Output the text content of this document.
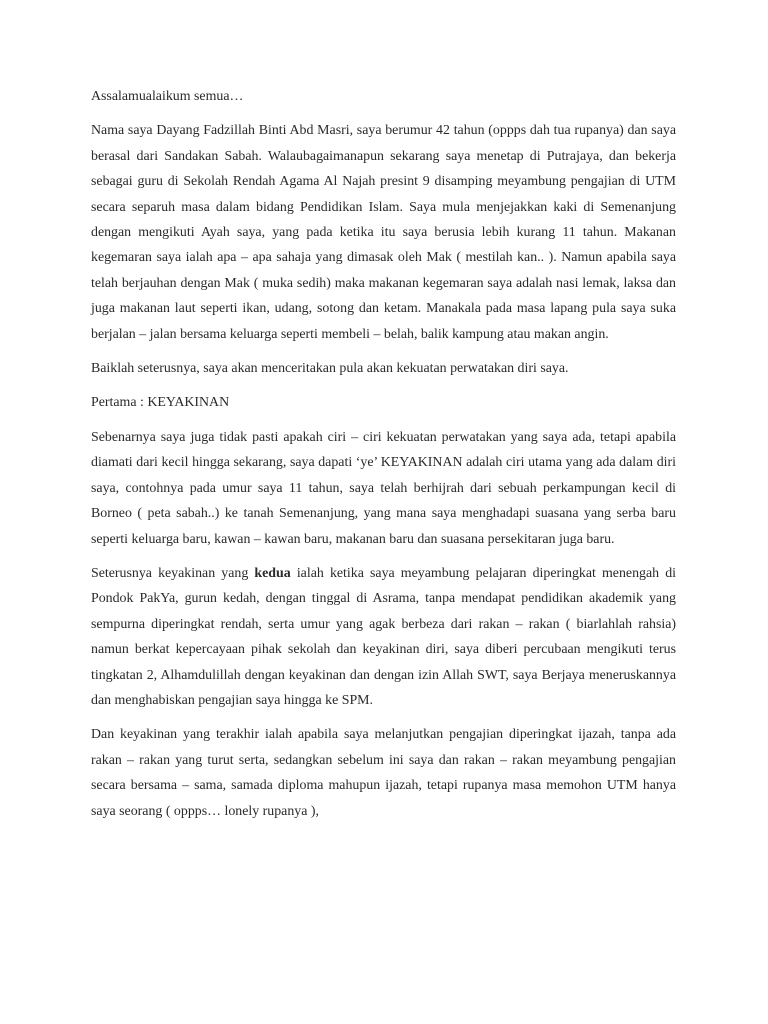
Assalamualaikum semua…

Nama saya Dayang Fadzillah Binti Abd Masri, saya berumur 42 tahun (oppps dah tua rupanya) dan saya berasal dari Sandakan Sabah. Walaubagaimanapun sekarang saya menetap di Putrajaya, dan bekerja sebagai guru di Sekolah Rendah Agama Al Najah presint 9 disamping meyambung pengajian di UTM secara separuh masa dalam bidang Pendidikan Islam. Saya mula menjejakkan kaki di Semenanjung dengan mengikuti Ayah saya, yang pada ketika itu saya berusia lebih kurang 11 tahun. Makanan kegemaran saya ialah apa – apa sahaja yang dimasak oleh Mak ( mestilah kan.. ). Namun apabila saya telah berjauhan dengan Mak ( muka sedih) maka makanan kegemaran saya adalah nasi lemak, laksa dan juga makanan laut seperti ikan, udang, sotong dan ketam. Manakala pada masa lapang pula saya suka berjalan – jalan bersama keluarga seperti membeli – belah, balik kampung atau makan angin.

Baiklah seterusnya, saya akan menceritakan pula akan kekuatan perwatakan diri saya.

Pertama : KEYAKINAN

Sebenarnya saya juga tidak pasti apakah ciri – ciri kekuatan perwatakan yang saya ada, tetapi apabila diamati dari kecil hingga sekarang, saya dapati ‘ye’ KEYAKINAN adalah ciri utama yang ada dalam diri saya, contohnya pada umur saya 11 tahun, saya telah berhijrah dari sebuah perkampungan kecil di Borneo ( peta sabah..) ke tanah Semenanjung, yang mana saya menghadapi suasana yang serba baru seperti keluarga baru, kawan – kawan baru, makanan baru dan suasana persekitaran juga baru.

Seterusnya keyakinan yang kedua ialah ketika saya meyambung pelajaran diperingkat menengah di Pondok PakYa, gurun kedah, dengan tinggal di Asrama, tanpa mendapat pendidikan akademik yang sempurna diperingkat rendah, serta umur yang agak berbeza dari rakan – rakan ( biarlahlah rahsia) namun berkat kepercayaan pihak sekolah dan keyakinan diri, saya diberi percubaan mengikuti terus tingkatan 2, Alhamdulillah dengan keyakinan dan dengan izin Allah SWT, saya Berjaya meneruskannya dan menghabiskan pengajian saya hingga ke SPM.

Dan keyakinan yang terakhir ialah apabila saya melanjutkan pengajian diperingkat ijazah, tanpa ada rakan – rakan yang turut serta, sedangkan sebelum ini saya dan rakan – rakan meyambung pengajian secara bersama – sama, samada diploma mahupun ijazah, tetapi rupanya masa memohon UTM hanya saya seorang ( oppps… lonely rupanya ),
